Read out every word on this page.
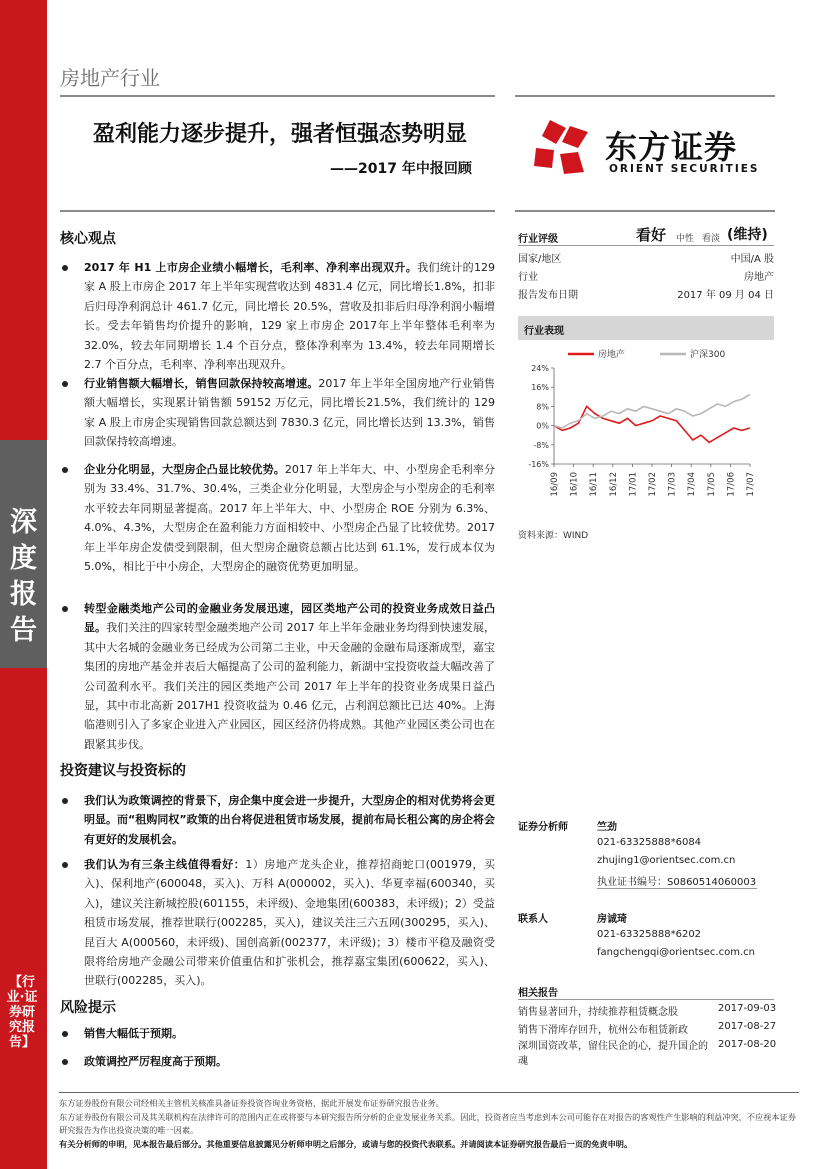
深度报告
【行业·证券研究报告】
房地产行业
盈利能力逐步提升，强者恒强态势明显
——2017 年中报回顾
东方证券
ORIENT SECURITIES
核心观点
2017 年 H1 上市房企业绩小幅增长，毛利率、净利率出现双升。我们统计的129 家 A 股上市房企 2017 年上半年实现营收达到 4831.4 亿元，同比增长1.8%，扣非后归母净利润总计 461.7 亿元，同比增长 20.5%，营收及扣非后归母净利润小幅增长。受去年销售均价提升的影响，129 家上市房企 2017年上半年整体毛利率为 32.0%，较去年同期增长 1.4 个百分点，整体净利率为 13.4%，较去年同期增长 2.7 个百分点，毛利率、净利率出现双升。
行业销售额大幅增长，销售回款保持较高增速。2017 年上半年全国房地产行业销售额大幅增长，实现累计销售额 59152 万亿元，同比增长21.5%，我们统计的 129 家 A 股上市房企实现销售回款总额达到 7830.3 亿元，同比增长达到 13.3%，销售回款保持较高增速。
企业分化明显，大型房企凸显比较优势。2017 年上半年大、中、小型房企毛利率分别为 33.4%、31.7%、30.4%，三类企业分化明显，大型房企与小型房企的毛利率水平较去年同期显著提高。2017 年上半年大、中、小型房企 ROE 分别为 6.3%、4.0%、4.3%，大型房企在盈利能力方面相较中、小型房企凸显了比较优势。2017 年上半年房企发债受到限制，但大型房企融资总额占比达到 61.1%，发行成本仅为 5.0%，相比于中小房企，大型房企的融资优势更加明显。
转型金融类地产公司的金融业务发展迅速，园区类地产公司的投资业务成效日益凸显。我们关注的四家转型金融类地产公司 2017 年上半年金融业务均得到快速发展，其中大名城的金融业务已经成为公司第二主业，中天金融的金融布局逐渐成型，嘉宝集团的房地产基金并表后大幅提高了公司的盈利能力，新湖中宝投资收益大幅改善了公司盈利水平。我们关注的园区类地产公司 2017 年上半年的投资业务成果日益凸显，其中市北高新 2017H1 投资收益为 0.46 亿元，占利润总额比已达 40%。上海临港则引入了多家企业进入产业园区，园区经济仍将成熟。其他产业园区类公司也在跟紧其步伐。
投资建议与投资标的
我们认为政策调控的背景下，房企集中度会进一步提升，大型房企的相对优势将会更明显。而“租购同权”政策的出台将促进租赁市场发展，提前布局长租公寓的房企将会有更好的发展机会。
我们认为有三条主线值得看好：1）房地产龙头企业，推荐招商蛇口(001979，买入)、保利地产(600048，买入)、万科 A(000002，买入)、华夏幸福(600340，买入)，建议关注新城控股(601155，未评级)、金地集团(600383，未评级)；2）受益租赁市场发展，推荐世联行(002285，买入)，建议关注三六五网(300295，买入)、昆百大 A(000560，未评级)、国创高新(002377，未评级)；3）楼市平稳及融资受限将给房地产金融公司带来价值重估和扩张机会，推荐嘉宝集团(600622，买入)、世联行(002285，买入)。
风险提示
销售大幅低于预期。
政策调控严厉程度高于预期。
行业评级	看好 中性 看淡 (维持)
国家/地区	中国/A 股
行业	房地产
报告发布日期	2017 年 09 月 04 日
行业表现
房地产	沪深300
24%
16%
8%
0%
-8%
-16%
16/09 16/10 16/11 16/12 17/01 17/02 17/03 17/04 17/05 17/06 17/07
资料来源：WIND
证券分析师	竺劲
021-63325888*6084
zhujing1@orientsec.com.cn
执业证书编号：S0860514060003
联系人	房诚琦
021-63325888*6202
fangchengqi@orientsec.com.cn
相关报告
销售显著回升，持续推荐租赁概念股	2017-09-03
销售下滑库存回升，杭州公布租赁新政	2017-08-27
深圳国资改革，留住民企的心，提升国企的魂
2017-08-20
东方证券股份有限公司经相关主管机关核准具备证券投资咨询业务资格，据此开展发布证券研究报告业务。
东方证券股份有限公司及其关联机构在法律许可的范围内正在或将要与本研究报告所分析的企业发展业务关系。因此，投资者应当考虑到本公司可能存在对报告的客观性产生影响的利益冲突，不应视本证券研究报告为作出投资决策的唯一因素。
有关分析师的申明，见本报告最后部分。其他重要信息披露见分析师申明之后部分，或请与您的投资代表联系。并请阅读本证券研究报告最后一页的免责申明。
